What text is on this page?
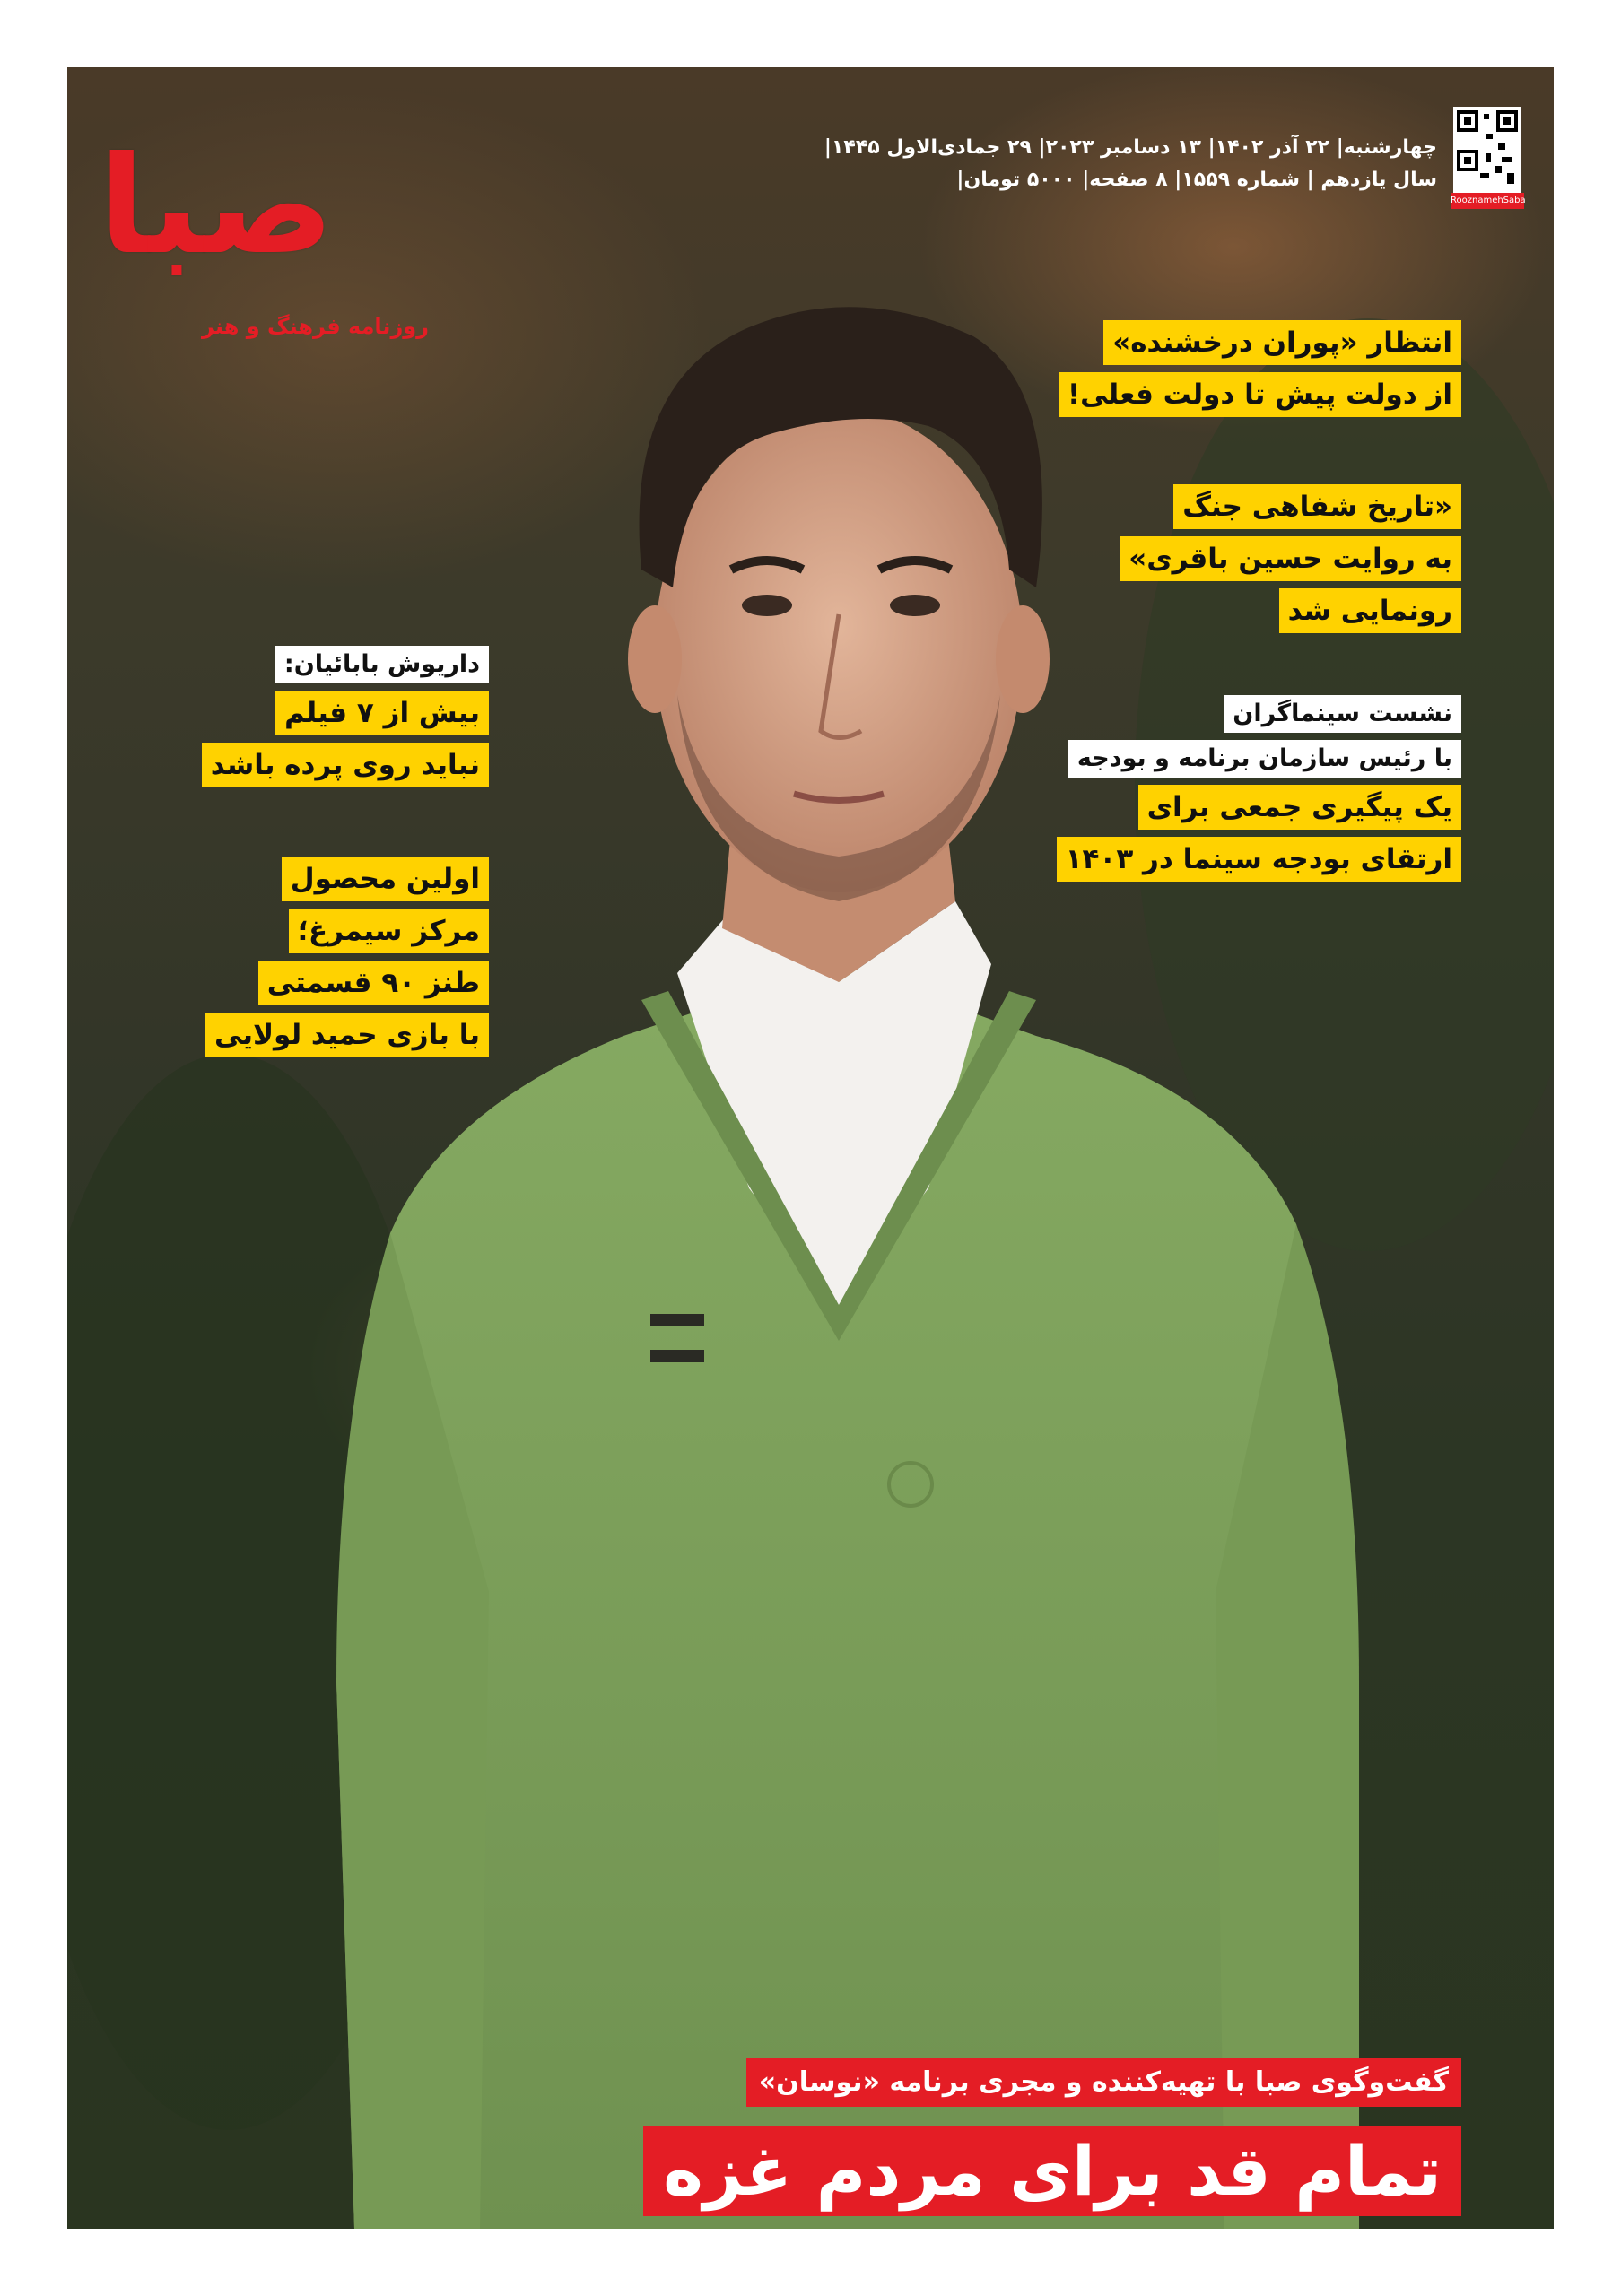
صبا
روزنامه فرهنگ و هنر
RooznamehSaba
چهارشنبه| ۲۲ آذر ۱۴۰۲| ۱۳ دسامبر ۲۰۲۳| ۲۹ جمادی‌الاول ۱۴۴۵|
سال یازدهم | شماره ۱۵۵۹| ۸ صفحه| ۵۰۰۰ تومان|
انتظار «پوران درخشنده»
از دولت پیش تا دولت فعلی!
«تاریخ شفاهی جنگ
به روایت حسین باقری»
رونمایی شد
نشست سینماگران
با رئیس سازمان برنامه و بودجه
یک پیگیری جمعی برای
ارتقای بودجه سینما در ۱۴۰۳
داریوش بابائیان:
بیش از ۷ فیلم
نباید روی پرده باشد
اولین محصول
مرکز سیمرغ؛
طنز ۹۰ قسمتی
با بازی حمید لولایی
گفت‌وگوی صبا با تهیه‌کننده و مجری برنامه «نوسان»
تمام قد برای مردم غزه
